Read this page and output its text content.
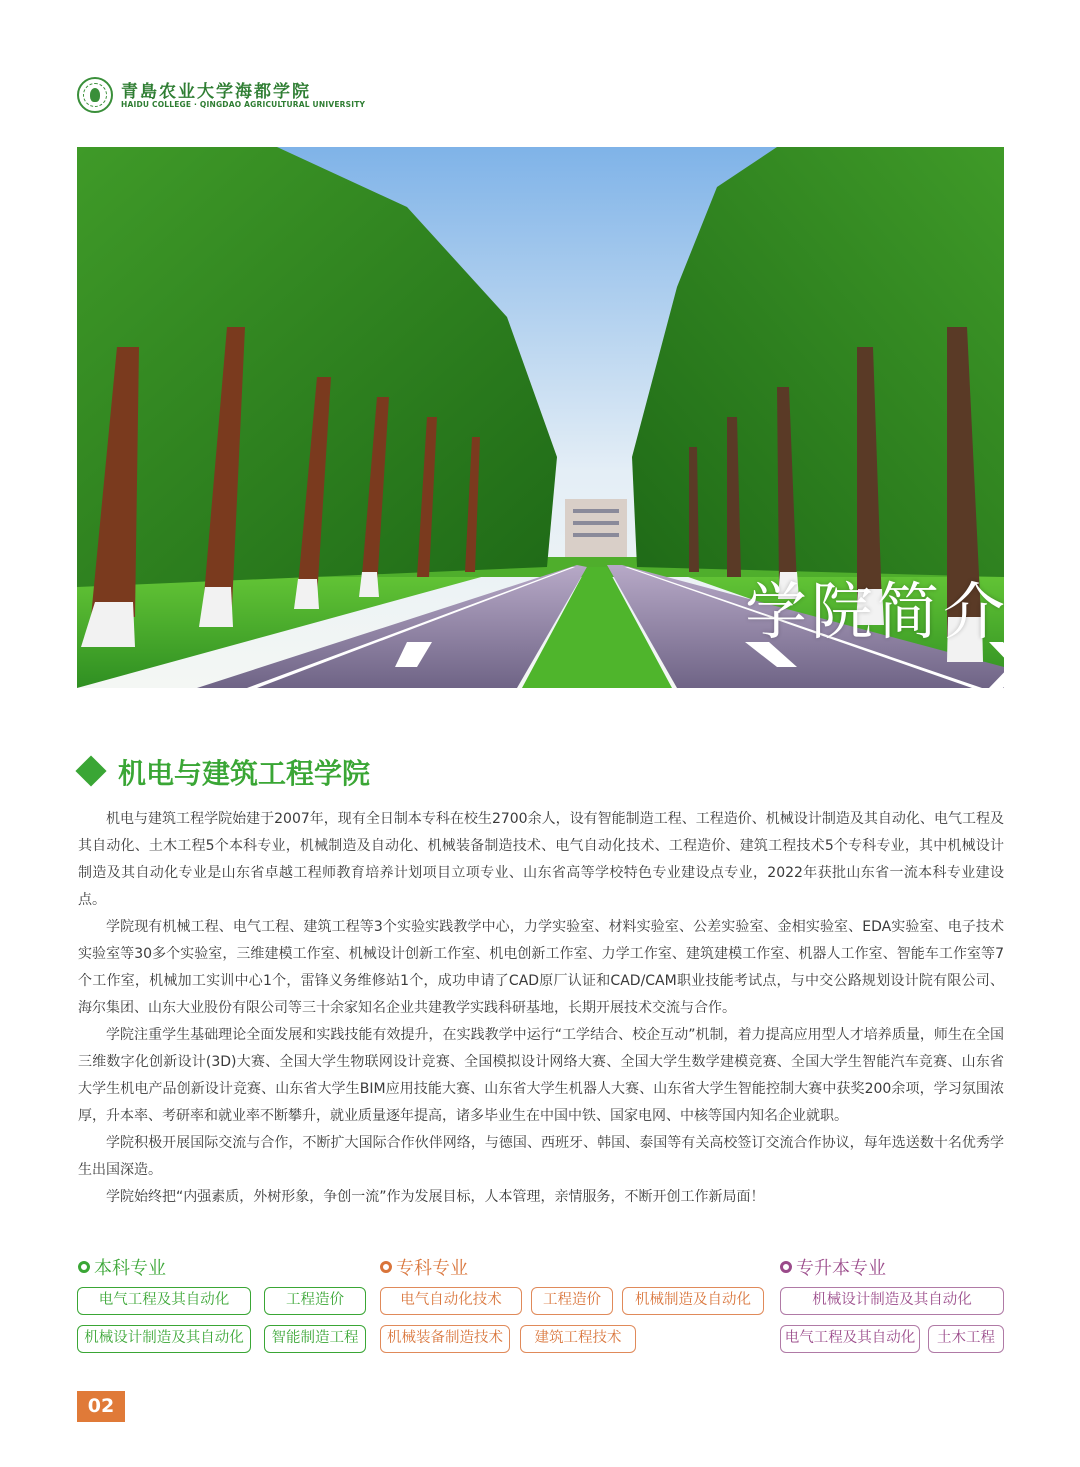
青島农业大学海都学院
HAIDU COLLEGE · QINGDAO AGRICULTURAL UNIVERSITY
学院简介
机电与建筑工程学院

机电与建筑工程学院始建于2007年，现有全日制本专科在校生2700余人，设有智能制造工程、工程造价、机械设计制造及其自动化、电气工程及其自动化、土木工程5个本科专业，机械制造及自动化、机械装备制造技术、电气自动化技术、工程造价、建筑工程技术5个专科专业，其中机械设计制造及其自动化专业是山东省卓越工程师教育培养计划项目立项专业、山东省高等学校特色专业建设点专业，2022年获批山东省一流本科专业建设点。

学院现有机械工程、电气工程、建筑工程等3个实验实践教学中心，力学实验室、材料实验室、公差实验室、金相实验室、EDA实验室、电子技术实验室等30多个实验室，三维建模工作室、机械设计创新工作室、机电创新工作室、力学工作室、建筑建模工作室、机器人工作室、智能车工作室等7个工作室，机械加工实训中心1个，雷锋义务维修站1个，成功申请了CAD原厂认证和CAD/CAM职业技能考试点，与中交公路规划设计院有限公司、海尔集团、山东大业股份有限公司等三十余家知名企业共建教学实践科研基地，长期开展技术交流与合作。

学院注重学生基础理论全面发展和实践技能有效提升，在实践教学中运行“工学结合、校企互动”机制，着力提高应用型人才培养质量，师生在全国三维数字化创新设计(3D)大赛、全国大学生物联网设计竞赛、全国模拟设计网络大赛、全国大学生数学建模竞赛、全国大学生智能汽车竞赛、山东省大学生机电产品创新设计竞赛、山东省大学生BIM应用技能大赛、山东省大学生机器人大赛、山东省大学生智能控制大赛中获奖200余项，学习氛围浓厚，升本率、考研率和就业率不断攀升，就业质量逐年提高，诸多毕业生在中国中铁、国家电网、中核等国内知名企业就职。

学院积极开展国际交流与合作，不断扩大国际合作伙伴网络，与德国、西班牙、韩国、泰国等有关高校签订交流合作协议，每年选送数十名优秀学生出国深造。

学院始终把“内强素质，外树形象，争创一流”作为发展目标，人本管理，亲情服务，不断开创工作新局面！

本科专业
电气工程及其自动化	工程造价
机械设计制造及其自动化	智能制造工程
专科专业
电气自动化技术	工程造价	机械制造及自动化
机械装备制造技术	建筑工程技术
专升本专业
机械设计制造及其自动化
电气工程及其自动化	土木工程
02
